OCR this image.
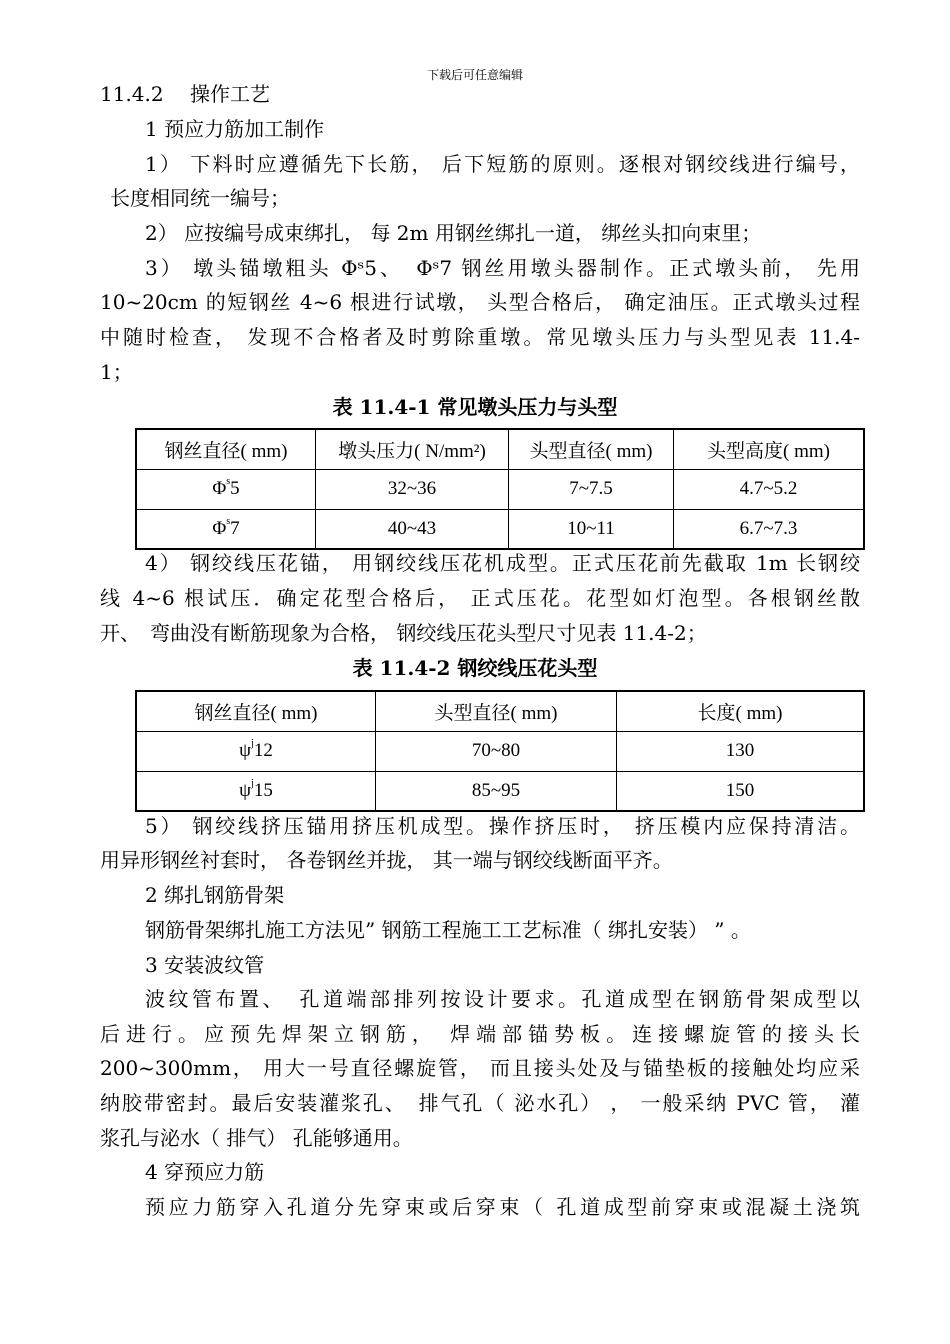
下载后可任意编辑
11.4.2　 操作工艺
1 预应力筋加工制作
1） 下料时应遵循先下长筋， 后下短筋的原则。逐根对钢绞线进行编号，
长度相同统一编号；
2） 应按编号成束绑扎， 每 2m 用钢丝绑扎一道， 绑丝头扣向束里；
3） 墩头锚墩粗头 Φˢ5、　Φˢ7 钢丝用墩头器制作。正式墩头前， 先用
10~20cm 的短钢丝 4~6 根进行试墩， 头型合格后， 确定油压。正式墩头过程
中随时检查， 发现不合格者及时剪除重墩。常见墩头压力与头型见表 11.4-
1；
表 11.4-1 常见墩头压力与头型
钢丝直径( mm)	墩头压力( N/mm²)	头型直径( mm)	头型高度( mm)
$\Phi^s5$	32~36	7~7.5	4.7~5.2
$\Phi^s7$	40~43	10~11	6.7~7.3
4） 钢绞线压花锚， 用钢绞线压花机成型。正式压花前先截取 1m 长钢绞
线 4~6 根试压．确定花型合格后， 正式压花。花型如灯泡型。各根钢丝散
开、　弯曲没有断筋现象为合格， 钢绞线压花头型尺寸见表 11.4-2；
表 11.4-2 钢绞线压花头型
钢丝直径( mm)	头型直径( mm)	长度( mm)
$\psi^j12$	70~80	130
$\psi^j15$	85~95	150
5） 钢绞线挤压锚用挤压机成型。操作挤压时， 挤压模内应保持清洁。
用异形钢丝衬套时， 各卷钢丝并拢， 其一端与钢绞线断面平齐。
2 绑扎钢筋骨架
钢筋骨架绑扎施工方法见” 钢筋工程施工工艺标准（ 绑扎安装） ” 。
3 安装波纹管
波纹管布置、　孔道端部排列按设计要求。孔道成型在钢筋骨架成型以
后进行。应预先焊架立钢筋， 焊端部锚势板。连接螺旋管的接头长
200~300mm， 用大一号直径螺旋管， 而且接头处及与锚垫板的接触处均应采
纳胶带密封。最后安装灌浆孔、　排气孔（ 泌水孔） ， 一般采纳 PVC 管， 灌
浆孔与泌水（ 排气） 孔能够通用。
4 穿预应力筋
预应力筋穿入孔道分先穿束或后穿束（ 孔道成型前穿束或混凝土浇筑
